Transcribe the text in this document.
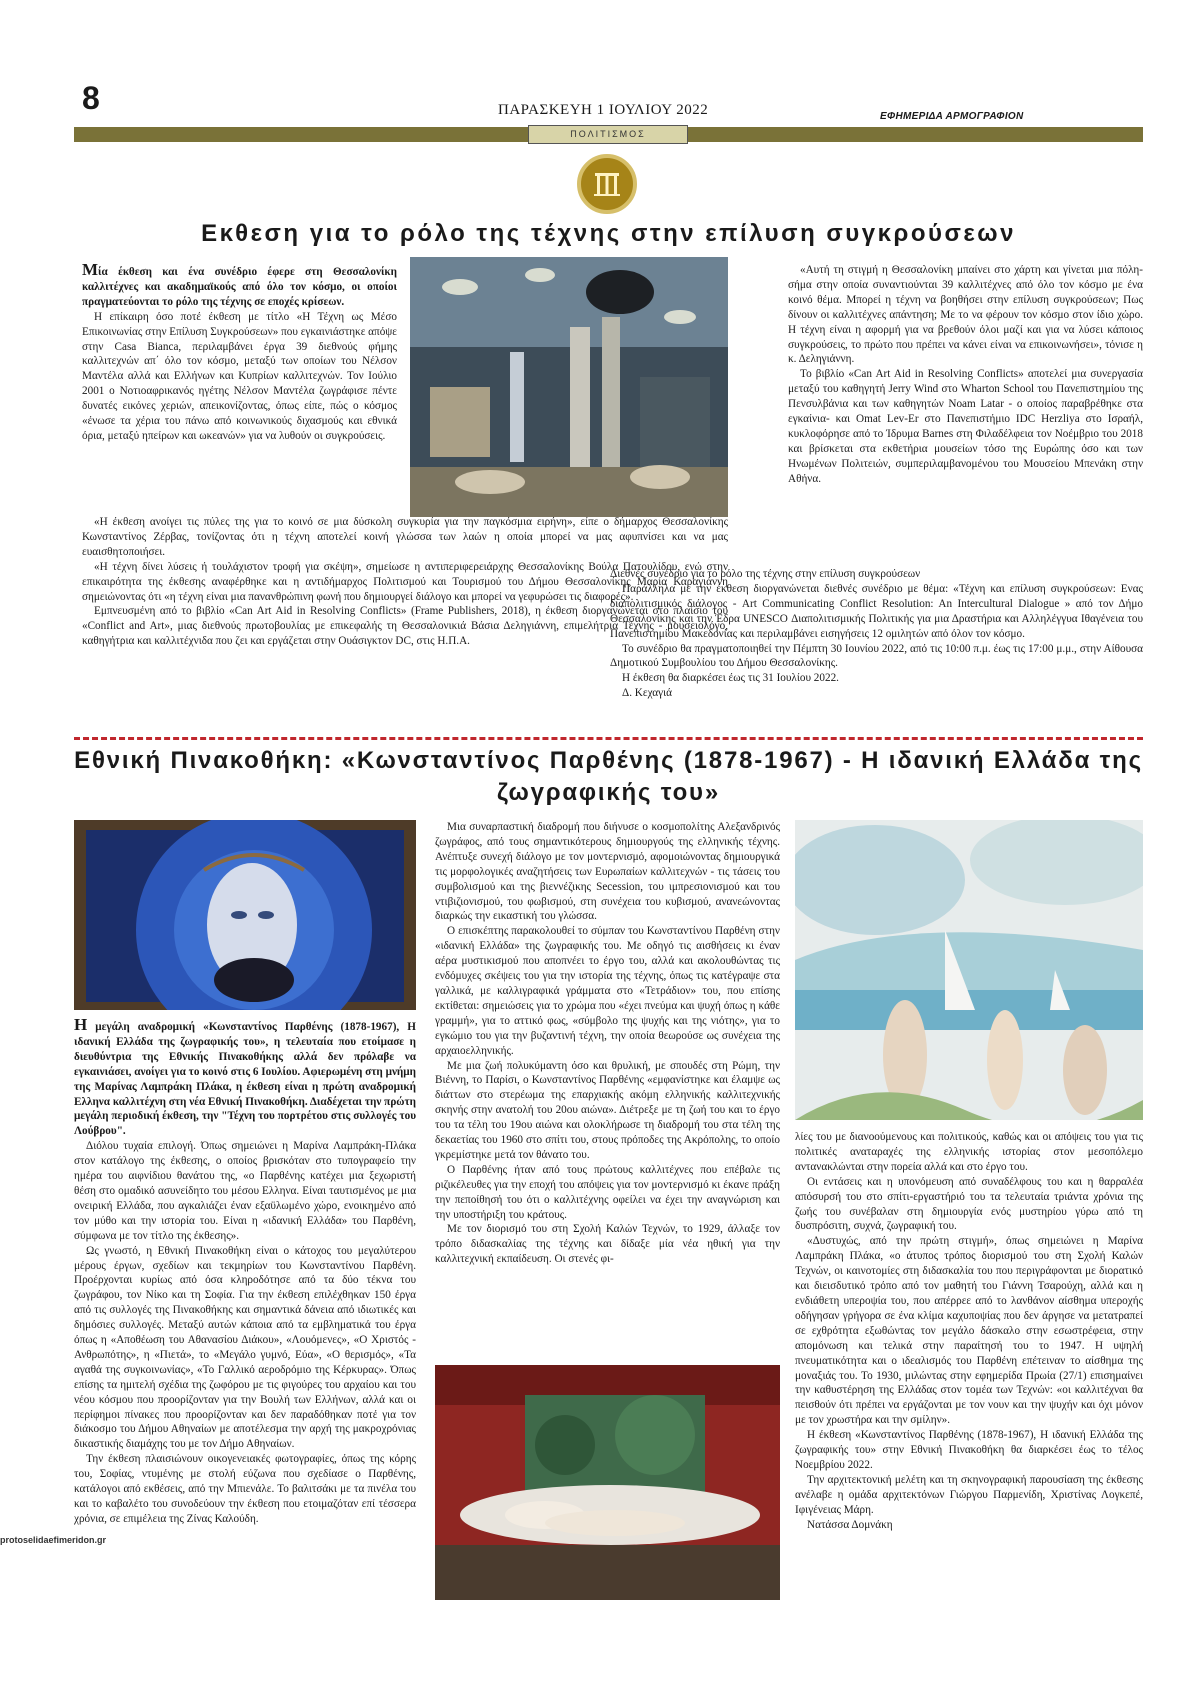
8	ΠΑΡΑΣΚΕΥΗ 1 ΙΟΥΛΙΟΥ 2022	ΕΦΗΜΕΡΙΔΑ ΑΡΜΟΓΡΑΦΙΟΝ
ΠΟΛΙΤΙΣΜΟΣ
Εκθεση για το ρόλο της τέχνης στην επίλυση συγκρούσεων

Μία έκθεση και ένα συνέδριο έφερε στη Θεσσαλονίκη καλλιτέχνες και ακαδημαϊκούς από όλο τον κόσμο, οι οποίοι πραγματεύονται το ρόλο της τέχνης σε εποχές κρίσεων.

Η επίκαιρη όσο ποτέ έκθεση με τίτλο «Η Τέχνη ως Μέσο Επικοινωνίας στην Επίλυση Συγκρούσεων» που εγκαινιάστηκε απόψε στην Casa Bianca, περιλαμβάνει έργα 39 διεθνούς φήμης καλλιτεχνών απ΄ όλο τον κόσμο, μεταξύ των οποίων του Νέλσον Μαντέλα αλλά και Ελλήνων και Κυπρίων καλλιτεχνών. Τον Ιούλιο 2001 ο Νοτιοαφρικανός ηγέτης Νέλσον Μαντέλα ζωγράφισε πέντε δυνατές εικόνες χεριών, απεικονίζοντας, όπως είπε, πώς ο κόσμος «ένωσε τα χέρια του πάνω από κοινωνικούς διχασμούς και εθνικά όρια, μεταξύ ηπείρων και ωκεανών» για να λυθούν οι συγκρούσεις.

«Η έκθεση ανοίγει τις πύλες της για το κοινό σε μια δύσκολη συγκυρία για την παγκόσμια ειρήνη», είπε ο δήμαρχος Θεσσαλονίκης Κωνσταντίνος Ζέρβας, τονίζοντας ότι η τέχνη αποτελεί κοινή γλώσσα των λαών η οποία μπορεί να μας αφυπνίσει και να μας ευαισθητοποιήσει.

«Η τέχνη δίνει λύσεις ή τουλάχιστον τροφή για σκέψη», σημείωσε η αντιπεριφερειάρχης Θεσσαλονίκης Βούλα Πατουλίδου, ενώ στην επικαιρότητα της έκθεσης αναφέρθηκε και η αντιδήμαρχος Πολιτισμού και Τουρισμού του Δήμου Θεσσαλονίκης Μαρία Καραγιάννη σημειώνοντας ότι «η τέχνη είναι μια πανανθρώπινη φωνή που δημιουργεί διάλογο και μπορεί να γεφυρώσει τις διαφορές».

Εμπνευσμένη από το βιβλίο «Can Art Aid in Resolving Conflicts» (Frame Publishers, 2018), η έκθεση διοργανώνεται στο πλαίσιο του «Conflict and Art», μιας διεθνούς πρωτοβουλίας με επικεφαλής τη Θεσσαλονικιά Βάσια Δεληγιάννη, επιμελήτρια Τέχνης - μουσειολόγο, καθηγήτρια και καλλιτέχνιδα που ζει και εργάζεται στην Ουάσιγκτον DC, στις Η.Π.Α.

«Αυτή τη στιγμή η Θεσσαλονίκη μπαίνει στο χάρτη και γίνεται μια πόλη-σήμα στην οποία συναντιούνται 39 καλλιτέχνες από όλο τον κόσμο με ένα κοινό θέμα. Μπορεί η τέχνη να βοηθήσει στην επίλυση συγκρούσεων; Πως δίνουν οι καλλιτέχνες απάντηση; Με το να φέρουν τον κόσμο στον ίδιο χώρο. Η τέχνη είναι η αφορμή για να βρεθούν όλοι μαζί και για να λύσει κάποιος συγκρούσεις, το πρώτο που πρέπει να κάνει είναι να επικοινωνήσει», τόνισε η κ. Δεληγιάννη.

Το βιβλίο «Can Art Aid in Resolving Conflicts» αποτελεί μια συνεργασία μεταξύ του καθηγητή Jerry Wind στο Wharton School του Πανεπιστημίου της Πενσυλβάνια και των καθηγητών Noam Latar - ο οποίος παραβρέθηκε στα εγκαίνια- και Omat Lev-Er στο Πανεπιστήμιο IDC Herzliya στο Ισραήλ, κυκλοφόρησε από το Ίδρυμα Barnes στη Φιλαδέλφεια τον Νοέμβριο του 2018 και βρίσκεται στα εκθετήρια μουσείων τόσο της Ευρώπης όσο και των Ηνωμένων Πολιτειών, συμπεριλαμβανομένου του Μουσείου Μπενάκη στην Αθήνα.

Διεθνές συνέδριο για το ρόλο της τέχνης στην επίλυση συγκρούσεων

Παράλληλα με την έκθεση διοργανώνεται διεθνές συνέδριο με θέμα: «Τέχνη και επίλυση συγκρούσεων: Ενας διαπολιτισμικός διάλογος - Art Communicating Conflict Resolution: An Intercultural Dialogue » από τον Δήμο Θεσσαλονίκης και την Έδρα UNESCO Διαπολιτισμικής Πολιτικής για μια Δραστήρια και Αλληλέγγυα Ιθαγένεια του Πανεπιστημίου Μακεδονίας και περιλαμβάνει εισηγήσεις 12 ομιλητών από όλον τον κόσμο.

Το συνέδριο θα πραγματοποιηθεί την Πέμπτη 30 Ιουνίου 2022, από τις 10:00 π.μ. έως τις 17:00 μ.μ., στην Αίθουσα Δημοτικού Συμβουλίου του Δήμου Θεσσαλονίκης.

Η έκθεση θα διαρκέσει έως τις 31 Ιουλίου 2022.

Δ. Κεχαγιά

Εθνική Πινακοθήκη: «Κωνσταντίνος Παρθένης (1878-1967) - Η ιδανική Ελλάδα της ζωγραφικής του»

Η μεγάλη αναδρομική «Κωνσταντίνος Παρθένης (1878-1967), Η ιδανική Ελλάδα της ζωγραφικής του», η τελευταία που ετοίμασε η διευθύντρια της Εθνικής Πινακοθήκης αλλά δεν πρόλαβε να εγκαινιάσει, ανοίγει για το κοινό στις 6 Ιουλίου. Αφιερωμένη στη μνήμη της Μαρίνας Λαμπράκη Πλάκα, η έκθεση είναι η πρώτη αναδρομική Ελληνα καλλιτέχνη στη νέα Εθνική Πινακοθήκη. Διαδέχεται την πρώτη μεγάλη περιοδική έκθεση, την "Τέχνη του πορτρέτου στις συλλογές του Λούβρου".

Διόλου τυχαία επιλογή. Όπως σημειώνει η Μαρίνα Λαμπράκη-Πλάκα στον κατάλογο της έκθεσης, ο οποίος βρισκόταν στο τυπογραφείο την ημέρα του αιφνίδιου θανάτου της, «ο Παρθένης κατέχει μια ξεχωριστή θέση στο ομαδικό ασυνείδητο του μέσου Ελληνα. Είναι ταυτισμένος με μια ονειρική Ελλάδα, που αγκαλιάζει έναν εξαϋλωμένο χώρο, ενοικημένο από τον μύθο και την ιστορία του. Είναι η «ιδανική Ελλάδα» του Παρθένη, σύμφωνα με τον τίτλο της έκθεσης».

Ως γνωστό, η Εθνική Πινακοθήκη είναι ο κάτοχος του μεγαλύτερου μέρους έργων, σχεδίων και τεκμηρίων του Κωνσταντίνου Παρθένη. Προέρχονται κυρίως από όσα κληροδότησε από τα δύο τέκνα του ζωγράφου, τον Νίκο και τη Σοφία. Για την έκθεση επιλέχθηκαν 150 έργα από τις συλλογές της Πινακοθήκης και σημαντικά δάνεια από ιδιωτικές και δημόσιες συλλογές. Μεταξύ αυτών κάποια από τα εμβληματικά του έργα όπως η «Αποθέωση του Αθανασίου Διάκου», «Λουόμενες», «Ο Χριστός - Ανθρωπότης», η «Πιετά», το «Μεγάλο γυμνό, Εύα», «Ο θερισμός», «Τα αγαθά της συγκοινωνίας», «Το Γαλλικό αεροδρόμιο της Κέρκυρας». Όπως επίσης τα ημιτελή σχέδια της ζωφόρου με τις φιγούρες του αρχαίου και του νέου κόσμου που προορίζονταν για την Βουλή των Ελλήνων, αλλά και οι περίφημοι πίνακες που προορίζονταν και δεν παραδόθηκαν ποτέ για τον διάκοσμο του Δήμου Αθηναίων με αποτέλεσμα την αρχή της μακροχρόνιας δικαστικής διαμάχης του με τον Δήμο Αθηναίων.

Την έκθεση πλαισιώνουν οικογενειακές φωτογραφίες, όπως της κόρης του, Σοφίας, ντυμένης με στολή εύζωνα που σχεδίασε ο Παρθένης, κατάλογοι από εκθέσεις, από την Μπιενάλε. Το βαλιτσάκι με τα πινέλα του και το καβαλέτο του συνοδεύουν την έκθεση που ετοιμαζόταν επί τέσσερα χρόνια, σε επιμέλεια της Ζίνας Καλούδη.

Μια συναρπαστική διαδρομή που διήνυσε ο κοσμοπολίτης Αλεξανδρινός ζωγράφος, από τους σημαντικότερους δημιουργούς της ελληνικής τέχνης. Ανέπτυξε συνεχή διάλογο με τον μοντερνισμό, αφομοιώνοντας δημιουργικά τις μορφολογικές αναζητήσεις των Ευρωπαίων καλλιτεχνών - τις τάσεις του συμβολισμού και της βιεννέζικης Secession, του ιμπρεσιονισμού και του ντιβιζιονισμού, του φωβισμού, στη συνέχεια του κυβισμού, ανανεώνοντας διαρκώς την εικαστική του γλώσσα.

Ο επισκέπτης παρακολουθεί το σύμπαν του Κωνσταντίνου Παρθένη στην «ιδανική Ελλάδα» της ζωγραφικής του. Με οδηγό τις αισθήσεις κι έναν αέρα μυστικισμού που αποπνέει το έργο του, αλλά και ακολουθώντας τις ενδόμυχες σκέψεις του για την ιστορία της τέχνης, όπως τις κατέγραψε στα γαλλικά, με καλλιγραφικά γράμματα στο «Τετράδιον» του, που επίσης εκτίθεται: σημειώσεις για το χρώμα που «έχει πνεύμα και ψυχή όπως η κάθε γραμμή», για το αττικό φως, «σύμβολο της ψυχής και της νιότης», για το εγκώμιο του για την βυζαντινή τέχνη, την οποία θεωρούσε ως συνέχεια της αρχαιοελληνικής.

Με μια ζωή πολυκύμαντη όσο και θρυλική, με σπουδές στη Ρώμη, την Βιέννη, το Παρίσι, ο Κωνσταντίνος Παρθένης «εμφανίστηκε και έλαμψε ως διάττων στο στερέωμα της επαρχιακής ακόμη ελληνικής καλλιτεχνικής σκηνής στην ανατολή του 20ου αιώνα». Διέτρεξε με τη ζωή του και το έργο του τα τέλη του 19ου αιώνα και ολοκλήρωσε τη διαδρομή του στα τέλη της δεκαετίας του 1960 στο σπίτι του, στους πρόποδες της Ακρόπολης, το οποίο γκρεμίστηκε μετά τον θάνατο του.

Ο Παρθένης ήταν από τους πρώτους καλλιτέχνες που επέβαλε τις ριζικέλευθες για την εποχή του απόψεις για τον μοντερνισμό κι έκανε πράξη την πεποίθησή του ότι ο καλλιτέχνης οφείλει να έχει την αναγνώριση και την υποστήριξη του κράτους.

Με τον διορισμό του στη Σχολή Καλών Τεχνών, το 1929, άλλαξε τον τρόπο διδασκαλίας της τέχνης και δίδαξε μία νέα ηθική για την καλλιτεχνική εκπαίδευση. Οι στενές φι-

λίες του με διανοούμενους και πολιτικούς, καθώς και οι απόψεις του για τις πολιτικές αναταραχές της ελληνικής ιστορίας στον μεσοπόλεμο αντανακλώνται στην πορεία αλλά και στο έργο του.

Οι εντάσεις και η υπονόμευση από συναδέλφους του και η θαρραλέα απόσυρσή του στο σπίτι-εργαστήριό του τα τελευταία τριάντα χρόνια της ζωής του συνέβαλαν στη δημιουργία ενός μυστηρίου γύρω από τη δυσπρόσιτη, συχνά, ζωγραφική του.

«Δυστυχώς, από την πρώτη στιγμή», όπως σημειώνει η Μαρίνα Λαμπράκη Πλάκα, «ο άτυπος τρόπος διορισμού του στη Σχολή Καλών Τεχνών, οι καινοτομίες στη διδασκαλία του που περιγράφονται με διορατικό και διεισδυτικό τρόπο από τον μαθητή του Γιάννη Τσαρούχη, αλλά και η ενδιάθετη υπεροψία του, που απέρρεε από το λανθάνον αίσθημα υπεροχής οδήγησαν γρήγορα σε ένα κλίμα καχυποψίας που δεν άργησε να μετατραπεί σε εχθρότητα εξωθώντας τον μεγάλο δάσκαλο στην εσωστρέφεια, στην απομόνωση και τελικά στην παραίτησή του το 1947. Η υψηλή πνευματικότητα και ο ιδεαλισμός του Παρθένη επέτειναν το αίσθημα της μοναξιάς του. Το 1930, μιλώντας στην εφημερίδα Πρωία (27/1) επισημαίνει την καθυστέρηση της Ελλάδας στον τομέα των Τεχνών: «οι καλλιτέχναι θα πεισθούν ότι πρέπει να εργάζονται με τον νουν και την ψυχήν και όχι μόνον με τον χρωστήρα και την σμίλην».

Η έκθεση «Κωνσταντίνος Παρθένης (1878-1967), Η ιδανική Ελλάδα της ζωγραφικής του» στην Εθνική Πινακοθήκη θα διαρκέσει έως το τέλος Νοεμβρίου 2022.

Την αρχιτεκτονική μελέτη και τη σκηνογραφική παρουσίαση της έκθεσης ανέλαβε η ομάδα αρχιτεκτόνων Γιώργου Παρμενίδη, Χριστίνας Λογκεπέ, Ιφιγένειας Μάρη.

Νατάσσα Δομνάκη

protoselidaefimeridon.gr
